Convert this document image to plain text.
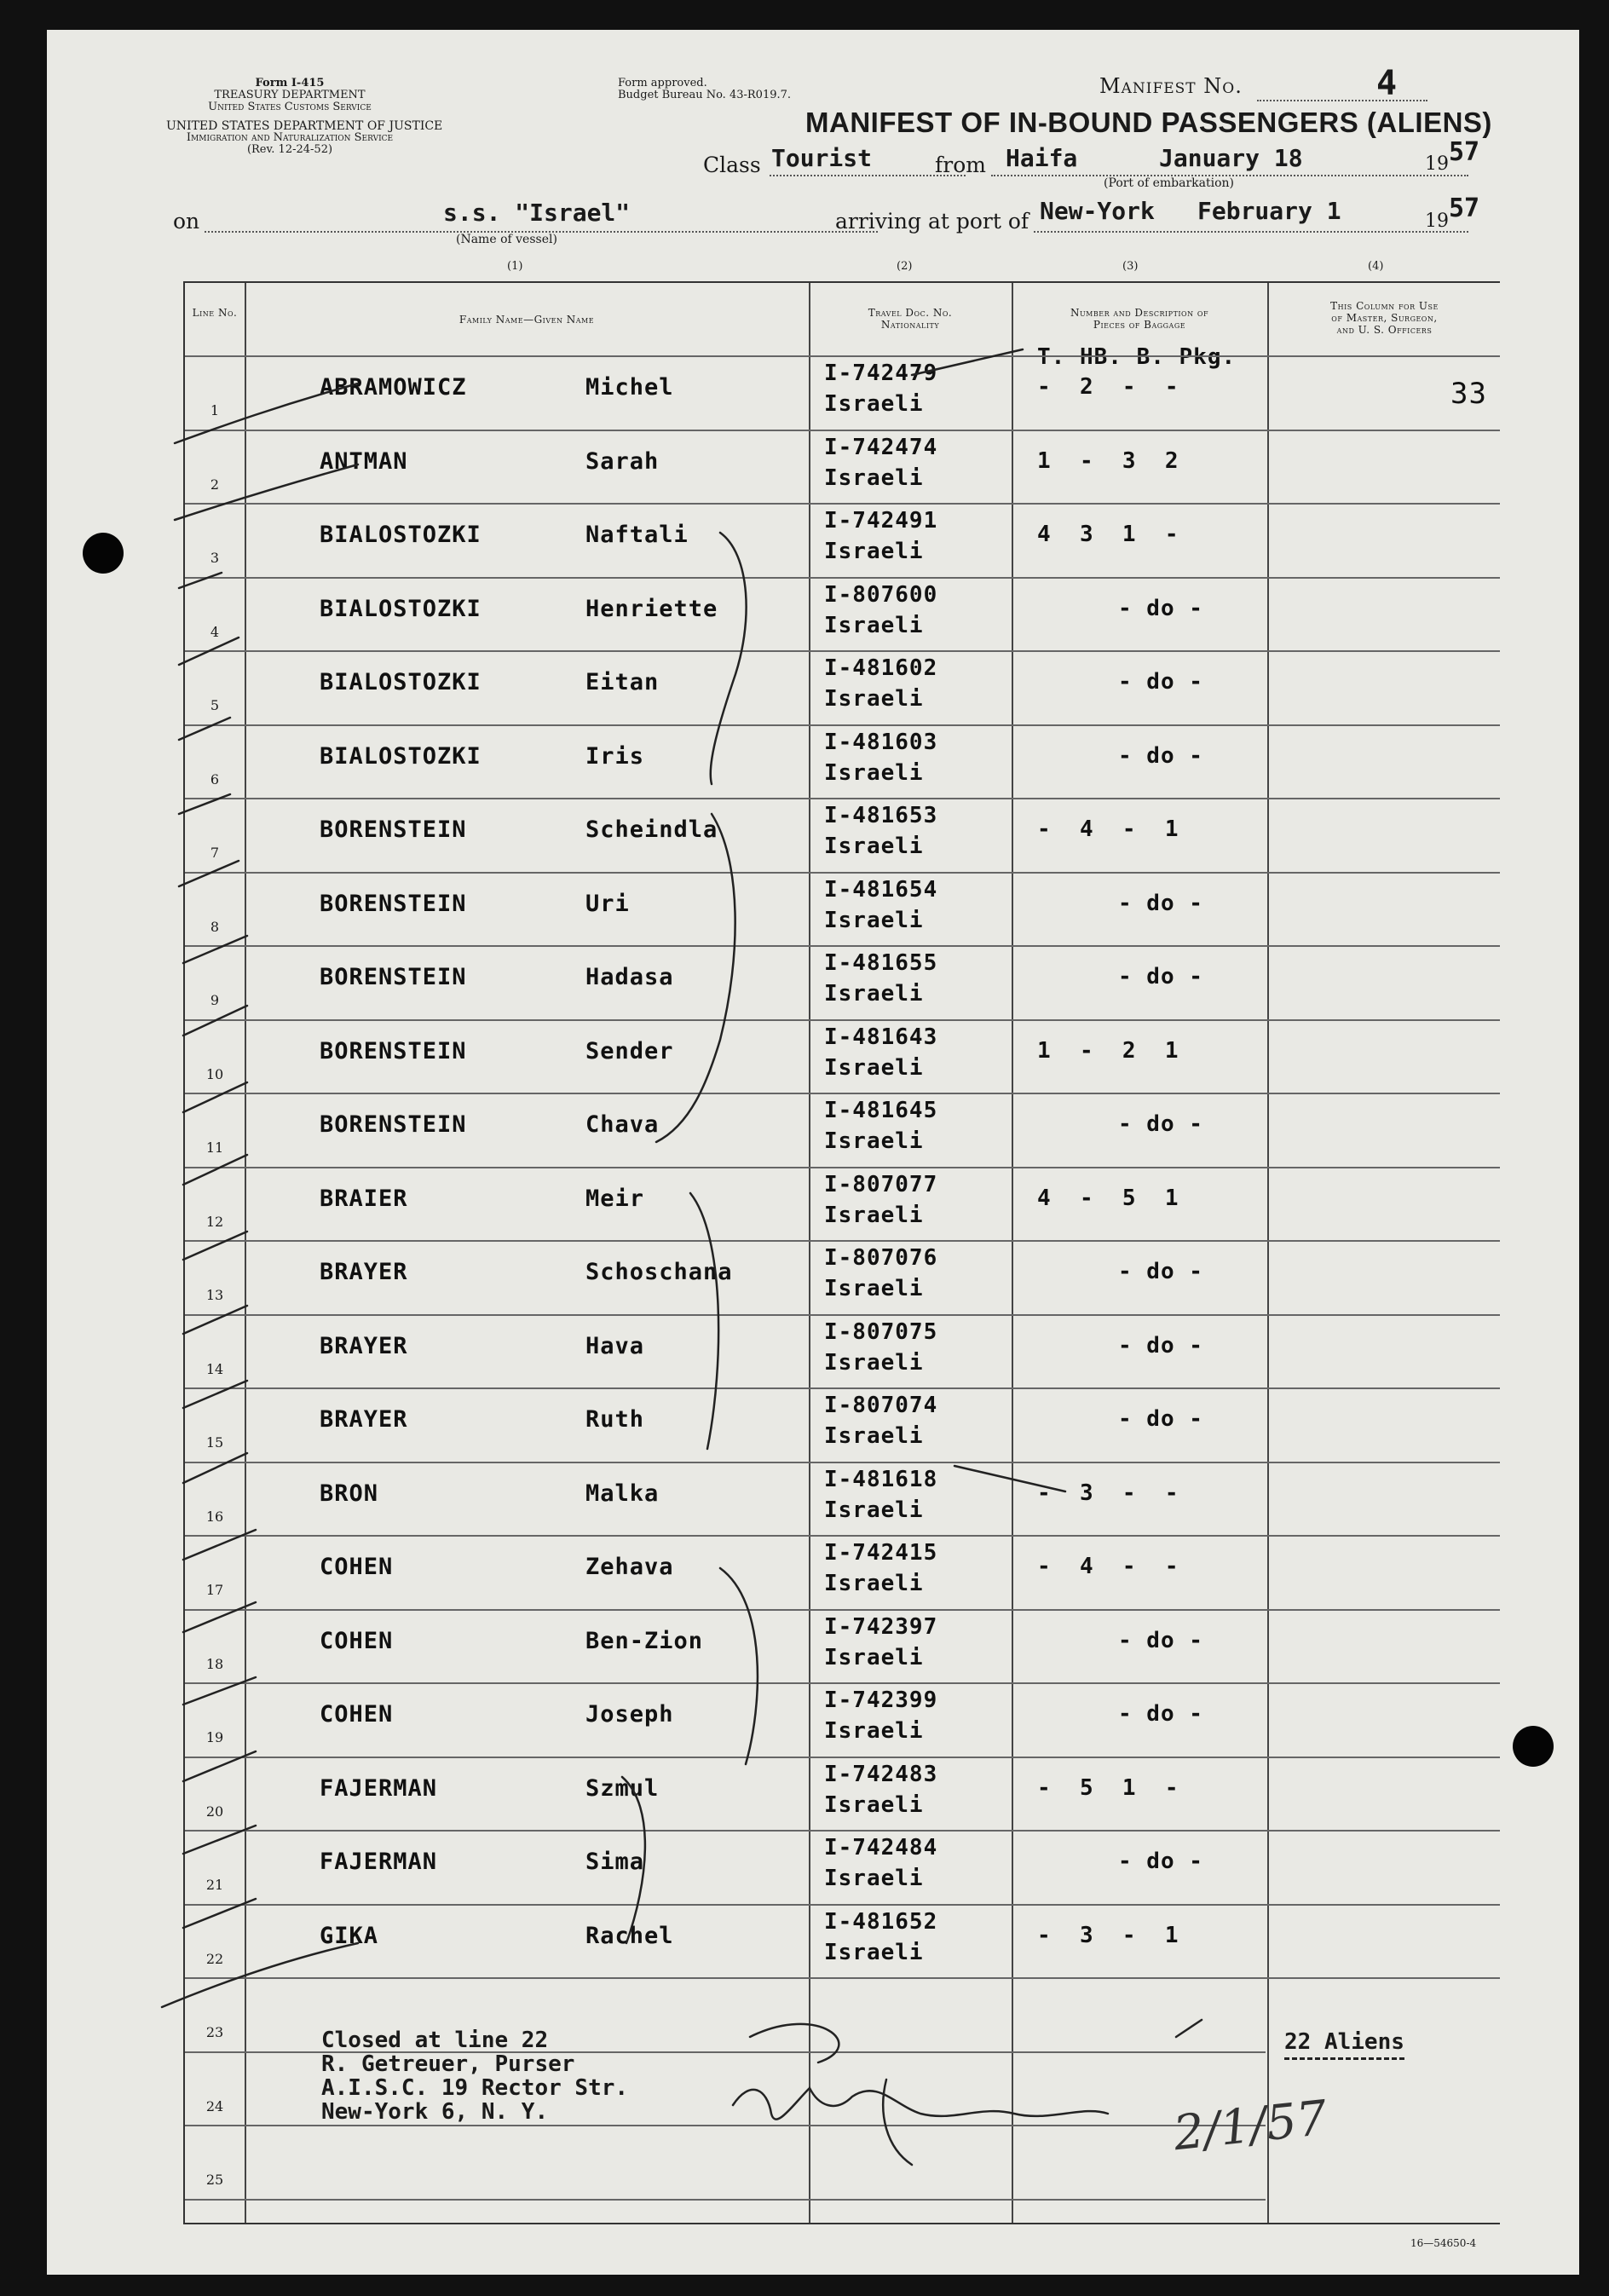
Form I-415
TREASURY DEPARTMENT
United States Customs Service
UNITED STATES DEPARTMENT OF JUSTICE
Immigration and Naturalization Service
(Rev. 12-24-52)
Form approved.
Budget Bureau No. 43-R019.7.	Manifest No.	4
MANIFEST OF IN-BOUND PASSENGERS (ALIENS)
Class Tourist	from Haifa	January 18	19 57
(Port of embarkation)
on	s.s. "Israel"
(Name of vessel)
arriving at port of New-York February 1	19 57
(1)	(2)	(3)	(4)
Line No.
Family Name—Given Name
Travel Doc. No.
Nationality
Number and Description of
Pieces of Baggage
This Column for Use
of Master, Surgeon,
and U. S. Officers
T. HB. B. Pkg.
33
1
ABRAMOWICZ	Michel
I-742479
Israeli
-  2  -  -
2
ANTMAN	Sarah
I-742474
Israeli
1  -  3  2
3
BIALOSTOZKI	Naftali
I-742491
Israeli
4  3  1  -
4
BIALOSTOZKI	Henriette
I-807600
Israeli
- do -
5
BIALOSTOZKI	Eitan
I-481602
Israeli
- do -
6
BIALOSTOZKI	Iris
I-481603
Israeli
- do -
7
BORENSTEIN	Scheindla
I-481653
Israeli
-  4  -  1
8
BORENSTEIN	Uri
I-481654
Israeli
- do -
9
BORENSTEIN	Hadasa
I-481655
Israeli
- do -
10
BORENSTEIN	Sender
I-481643
Israeli
1  -  2  1
11
BORENSTEIN	Chava
I-481645
Israeli
- do -
12
BRAIER	Meir
I-807077
Israeli
4  -  5  1
13
BRAYER	Schoschana
I-807076
Israeli
- do -
14
BRAYER	Hava
I-807075
Israeli
- do -
15
BRAYER	Ruth
I-807074
Israeli
- do -
16
BRON	Malka
I-481618
Israeli
-  3  -  -
17
COHEN	Zehava
I-742415
Israeli
-  4  -  -
18
COHEN	Ben-Zion
I-742397
Israeli
- do -
19
COHEN	Joseph
I-742399
Israeli
- do -
20
FAJERMAN	Szmul
I-742483
Israeli
-  5  1  -
21
FAJERMAN	Sima
I-742484
Israeli
- do -
22
GIKA	Rachel
I-481652
Israeli
-  3  -  1
23
24
25
Closed at line 22
R. Getreuer, Purser
A.I.S.C. 19 Rector Str.
New-York 6, N. Y.
22 Aliens
2/1/57
16—54650-4
